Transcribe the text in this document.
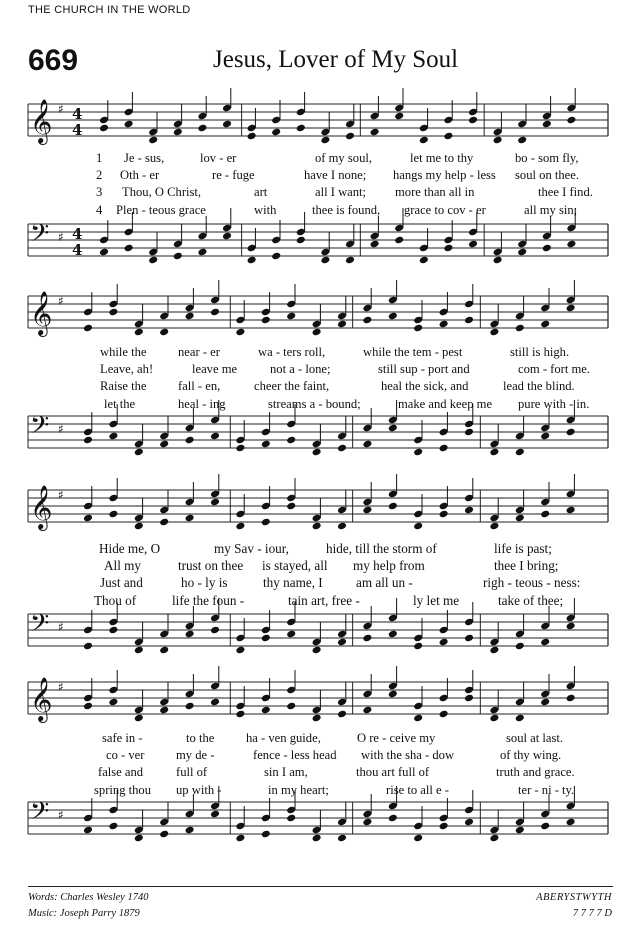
THE CHURCH IN THE WORLD
669	Jesus, Lover of My Soul
𝄞 ♯ 4
4
1 Je - sus,	lov - er	of my soul,	let me to thy	bo - som fly,
2 Oth - er	re - fuge	have I none; hangs my help - less soul on thee.
3 Thou, O Christ,	art	all I want; more than all in	thee I find.
4 Plen - teous grace	with	thee is found, grace to cov - er	all my sin;
𝄢 ♯ 4
4
𝄞 ♯
while the near - er	wa - ters roll,	while the tem - pest	still is high.
Leave, ah!	leave me	not a - lone;	still sup - port and	com - fort me.
Raise the fall - en,	cheer the faint,	heal the sick, and	lead the blind.
let the	heal - ing	streams a - bound;	make and keep me pure with - in.
𝄢 ♯
𝄞 ♯
Hide me, O	my Sav - iour,	hide, till the storm of	life is past;
All my	trust on thee is stayed, all my help from	thee I bring;
Just and	ho - ly is	thy name, I	am all un -	righ - teous - ness:
Thou of	life the foun -	tain art, free -	ly let me	take of thee;
𝄢 ♯
𝄞 ♯
safe in -	to the	ha - ven guide,	O re - ceive my	soul at last.
co - ver	my de -	fence - less head with the sha - dow	of thy wing.
false and	full of	sin I am,	thou art full of	truth and grace.
spring thou up with -	in my heart;	rise to all e -	ter - ni - ty.
𝄢 ♯
Words: Charles Wesley 1740
Music: Joseph Parry 1879
ABERYSTWYTH
7 7 7 7 D
